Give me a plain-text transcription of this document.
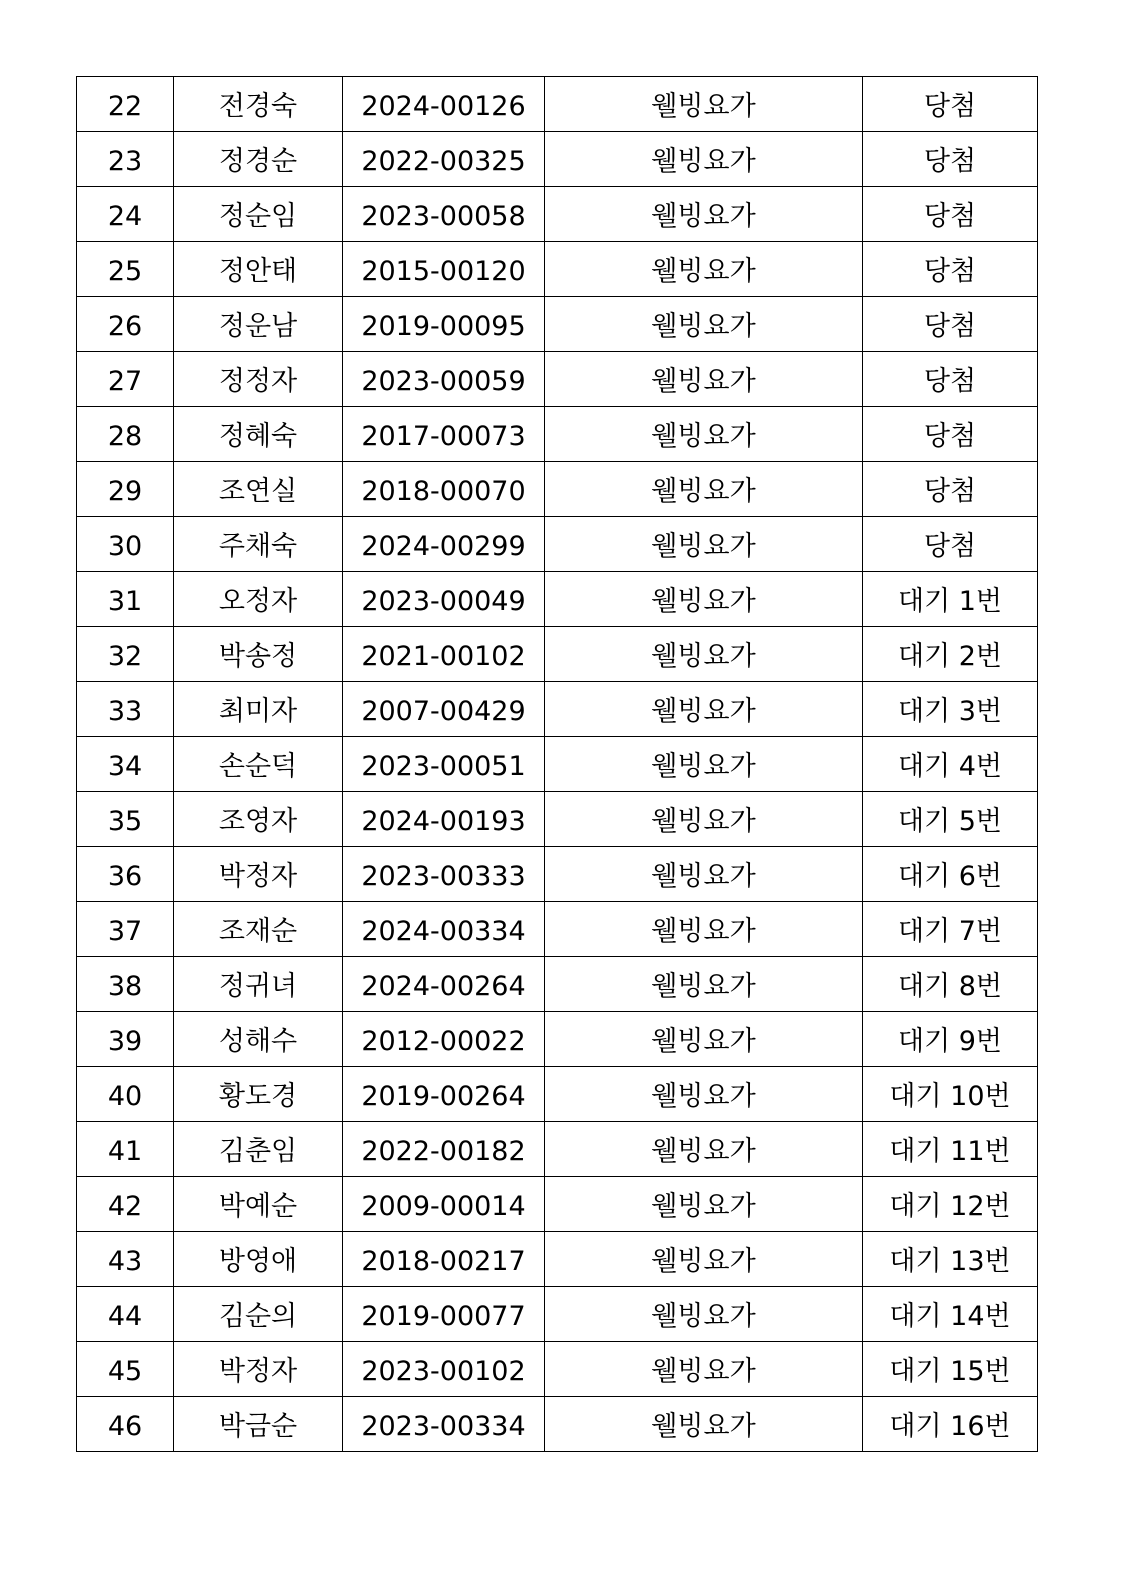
22	전경숙	2024-00126	웰빙요가	당첨
23	정경순	2022-00325	웰빙요가	당첨
24	정순임	2023-00058	웰빙요가	당첨
25	정안태	2015-00120	웰빙요가	당첨
26	정운남	2019-00095	웰빙요가	당첨
27	정정자	2023-00059	웰빙요가	당첨
28	정혜숙	2017-00073	웰빙요가	당첨
29	조연실	2018-00070	웰빙요가	당첨
30	주채숙	2024-00299	웰빙요가	당첨
31	오정자	2023-00049	웰빙요가	대기 1번
32	박송정	2021-00102	웰빙요가	대기 2번
33	최미자	2007-00429	웰빙요가	대기 3번
34	손순덕	2023-00051	웰빙요가	대기 4번
35	조영자	2024-00193	웰빙요가	대기 5번
36	박정자	2023-00333	웰빙요가	대기 6번
37	조재순	2024-00334	웰빙요가	대기 7번
38	정귀녀	2024-00264	웰빙요가	대기 8번
39	성해수	2012-00022	웰빙요가	대기 9번
40	황도경	2019-00264	웰빙요가	대기 10번
41	김춘임	2022-00182	웰빙요가	대기 11번
42	박예순	2009-00014	웰빙요가	대기 12번
43	방영애	2018-00217	웰빙요가	대기 13번
44	김순의	2019-00077	웰빙요가	대기 14번
45	박정자	2023-00102	웰빙요가	대기 15번
46	박금순	2023-00334	웰빙요가	대기 16번
